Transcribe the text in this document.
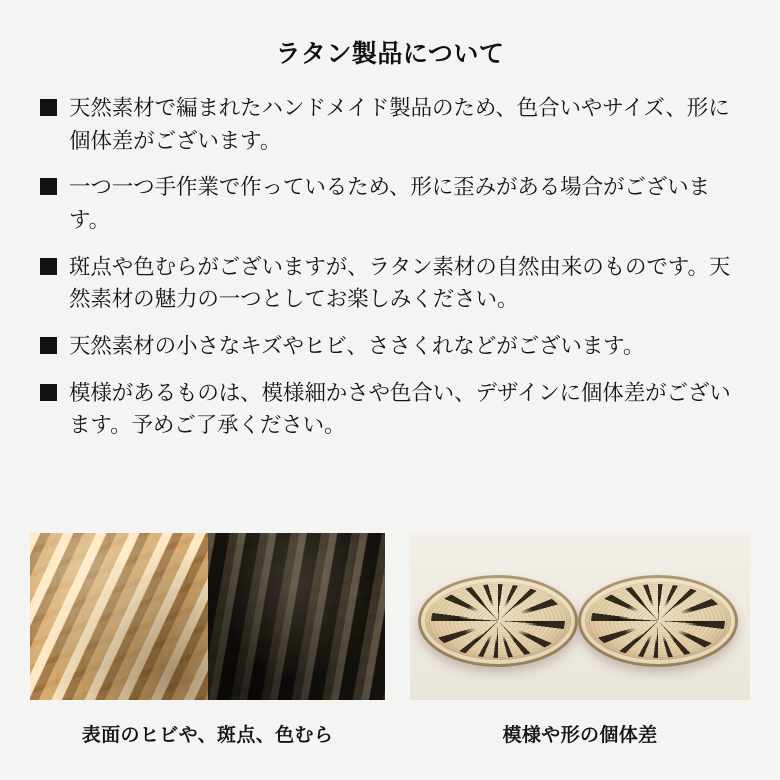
ラタン製品について
天然素材で編まれたハンドメイド製品のため、色合いやサイズ、形に個体差がございます。
一つ一つ手作業で作っているため、形に歪みがある場合がございます。
斑点や色むらがございますが、ラタン素材の自然由来のものです。天然素材の魅力の一つとしてお楽しみください。
天然素材の小さなキズやヒビ、ささくれなどがございます。
模様があるものは、模様細かさや色合い、デザインに個体差がございます。予めご了承ください。
表面のヒビや、斑点、色むら	模様や形の個体差
